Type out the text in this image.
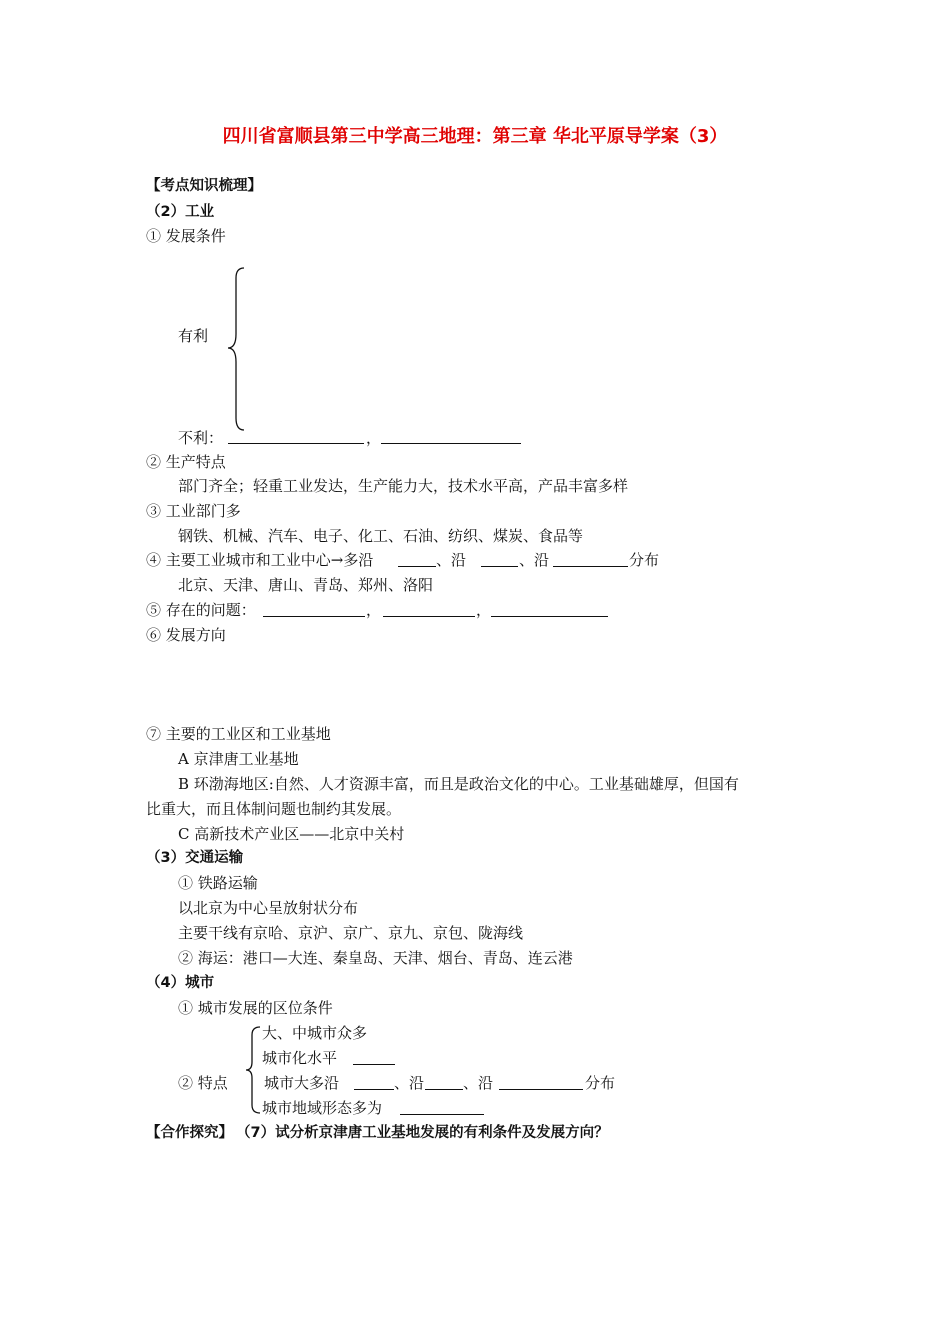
四川省富顺县第三中学高三地理：第三章 华北平原导学案（3）
【考点知识梳理】
（2）工业
① 发展条件
有利
不利：	，
② 生产特点
部门齐全；轻重工业发达，生产能力大，技术水平高，产品丰富多样
③ 工业部门多
钢铁、机械、汽车、电子、化工、石油、纺织、煤炭、食品等
④ 主要工业城市和工业中心→多沿	、沿	、沿	分布
北京、天津、唐山、青岛、郑州、洛阳
⑤ 存在的问题：	，	，
⑥ 发展方向
⑦ 主要的工业区和工业基地
A 京津唐工业基地
B 环渤海地区:自然、人才资源丰富，而且是政治文化的中心。工业基础雄厚，但国有
比重大，而且体制问题也制约其发展。
C 高新技术产业区——北京中关村
（3）交通运输
① 铁路运输
以北京为中心呈放射状分布
主要干线有京哈、京沪、京广、京九、京包、陇海线
② 海运：港口—大连、秦皇岛、天津、烟台、青岛、连云港
（4）城市
① 城市发展的区位条件
② 特点
大、中城市众多
城市化水平
城市大多沿	、沿	、沿	分布
城市地域形态多为
【合作探究】 （7）试分析京津唐工业基地发展的有利条件及发展方向？
